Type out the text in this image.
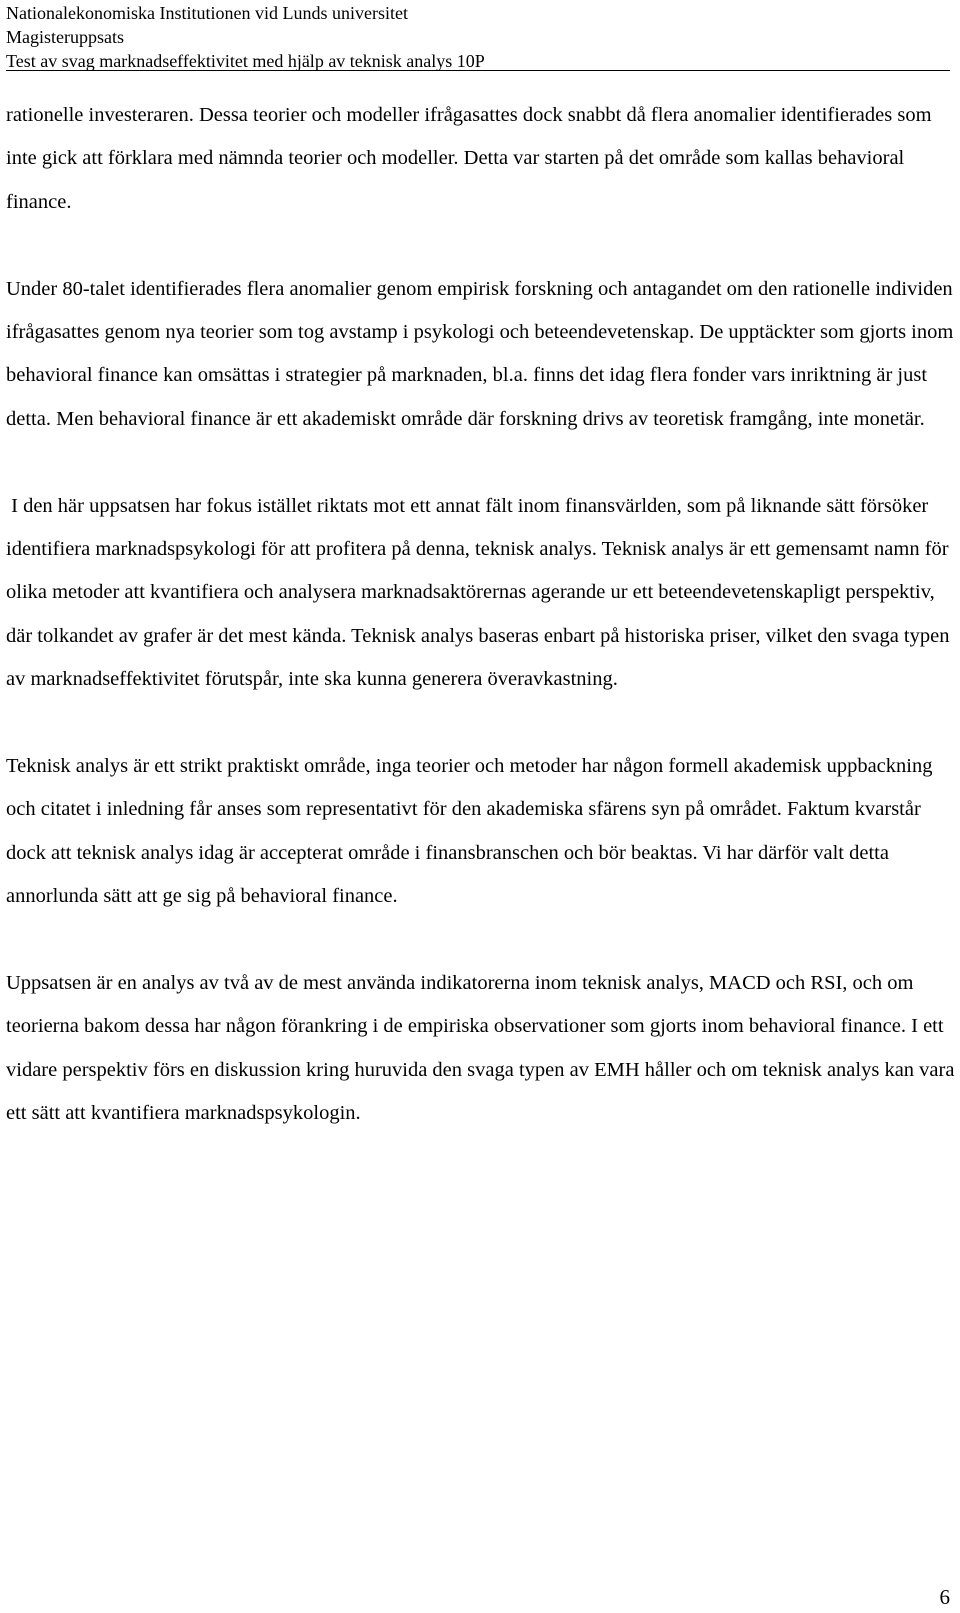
Nationalekonomiska Institutionen vid Lunds universitet
Magisteruppsats
Test av svag marknadseffektivitet med hjälp av teknisk analys 10P

rationelle investeraren. Dessa teorier och modeller ifrågasattes dock snabbt då flera anomalier identifierades som inte gick att förklara med nämnda teorier och modeller. Detta var starten på det område som kallas behavioral finance.

Under 80-talet identifierades flera anomalier genom empirisk forskning och antagandet om den rationelle individen ifrågasattes genom nya teorier som tog avstamp i psykologi och beteendevetenskap. De upptäckter som gjorts inom behavioral finance kan omsättas i strategier på marknaden, bl.a. finns det idag flera fonder vars inriktning är just detta. Men behavioral finance är ett akademiskt område där forskning drivs av teoretisk framgång, inte monetär.

I den här uppsatsen har fokus istället riktats mot ett annat fält inom finansvärlden, som på liknande sätt försöker identifiera marknadspsykologi för att profitera på denna, teknisk analys. Teknisk analys är ett gemensamt namn för olika metoder att kvantifiera och analysera marknadsaktörernas agerande ur ett beteendevetenskapligt perspektiv, där tolkandet av grafer är det mest kända. Teknisk analys baseras enbart på historiska priser, vilket den svaga typen av marknadseffektivitet förutspår, inte ska kunna generera överavkastning.

Teknisk analys är ett strikt praktiskt område, inga teorier och metoder har någon formell akademisk uppbackning och citatet i inledning får anses som representativt för den akademiska sfärens syn på området. Faktum kvarstår dock att teknisk analys idag är accepterat område i finansbranschen och bör beaktas. Vi har därför valt detta annorlunda sätt att ge sig på behavioral finance.

Uppsatsen är en analys av två av de mest använda indikatorerna inom teknisk analys, MACD och RSI, och om teorierna bakom dessa har någon förankring i de empiriska observationer som gjorts inom behavioral finance. I ett vidare perspektiv förs en diskussion kring huruvida den svaga typen av EMH håller och om teknisk analys kan vara ett sätt att kvantifiera marknadspsykologin.

6
